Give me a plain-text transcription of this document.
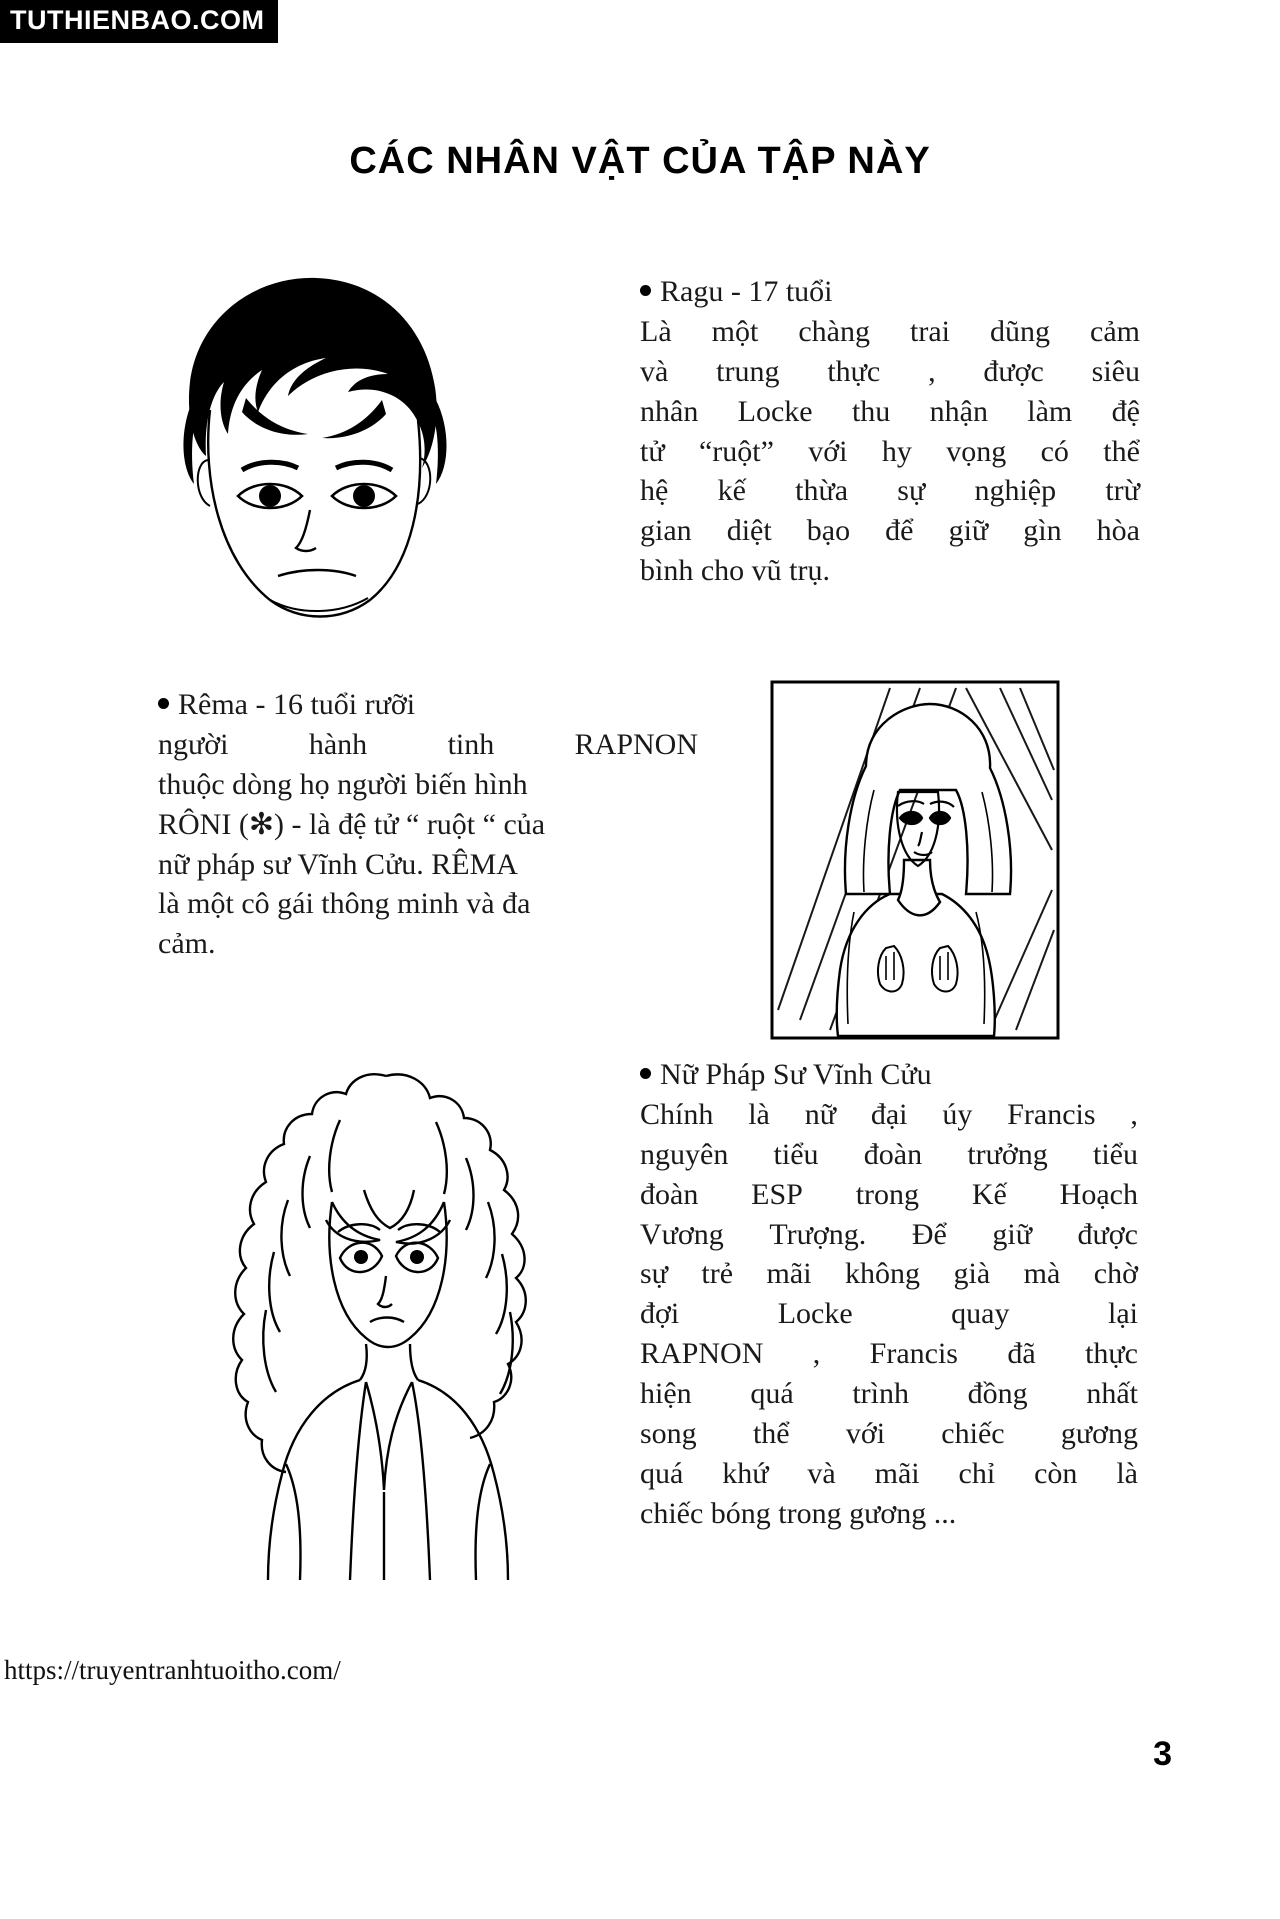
TUTHIENBAO.COM
CÁC NHÂN VẬT CỦA TẬP NÀY
Ragu - 17 tuổi
Là một chàng trai dũng cảm
và trung thực , được siêu
nhân Locke thu nhận làm đệ
tử “ruột” với hy vọng có thể
hệ kế thừa sự nghiệp trừ
gian diệt bạo để giữ gìn hòa
bình cho vũ trụ.
Rêma - 16 tuổi rưỡi
người	hành	tinh	RAPNON
thuộc dòng họ người biến hình
RÔNI (✻) - là đệ tử “ ruột “ của
nữ pháp sư Vĩnh Cửu. RÊMA
là một cô gái thông minh và đa
cảm.
Nữ Pháp Sư Vĩnh Cửu
Chính là nữ đại úy Francis ,
nguyên tiểu đoàn trưởng tiểu
đoàn ESP trong Kế Hoạch
Vương Trượng. Để giữ được
sự trẻ mãi không già mà chờ
đợi	Locke	quay	lại
RAPNON , Francis đã thực
hiện quá trình đồng nhất
song thể với chiếc gương
quá khứ và mãi chỉ còn là
chiếc bóng trong gương ...
https://truyentranhtuoitho.com/
3
